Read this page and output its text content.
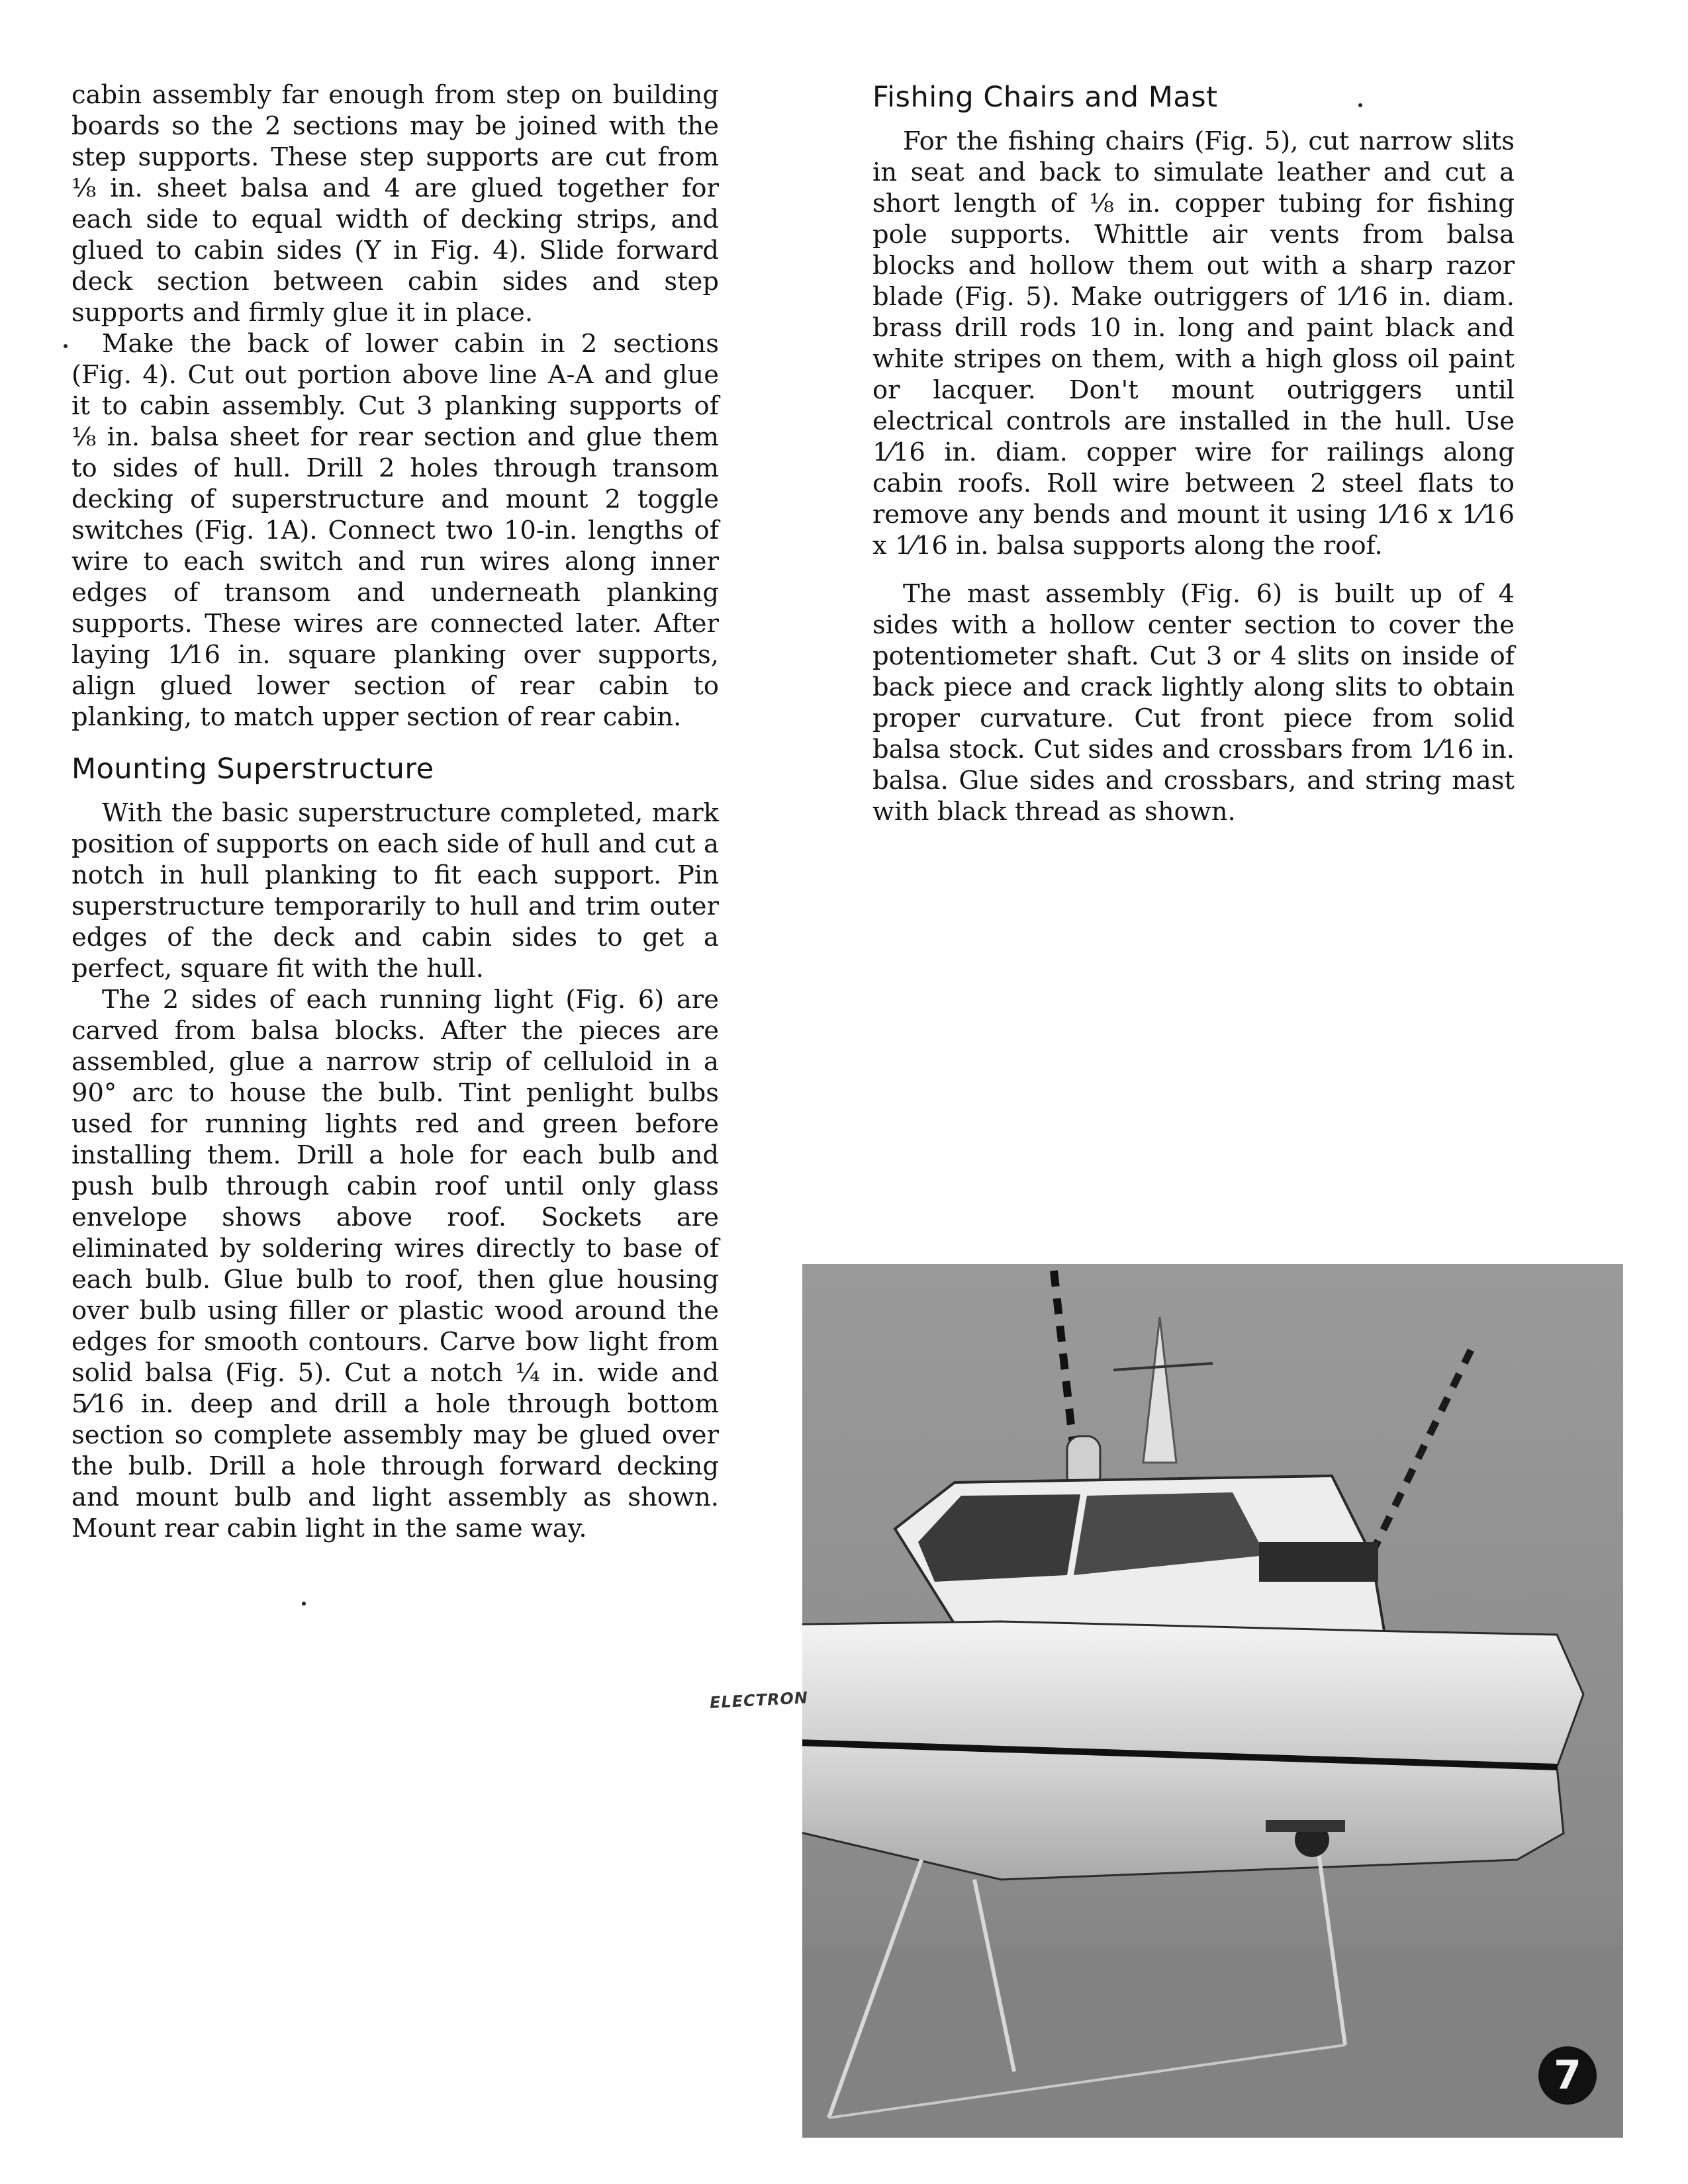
cabin assembly far enough from step on building boards so the 2 sections may be joined with the step supports. These step supports are cut from ⅛ in. sheet balsa and 4 are glued together for each side to equal width of decking strips, and glued to cabin sides (Y in Fig. 4). Slide forward deck section between cabin sides and step supports and firmly glue it in place.

Make the back of lower cabin in 2 sections (Fig. 4). Cut out portion above line A-A and glue it to cabin assembly. Cut 3 planking supports of ⅛ in. balsa sheet for rear section and glue them to sides of hull. Drill 2 holes through transom decking of superstructure and mount 2 toggle switches (Fig. 1A). Connect two 10-in. lengths of wire to each switch and run wires along inner edges of transom and underneath planking supports. These wires are connected later. After laying 1⁄16 in. square planking over supports, align glued lower section of rear cabin to planking, to match upper section of rear cabin.

Mounting Superstructure

With the basic superstructure completed, mark position of supports on each side of hull and cut a notch in hull planking to fit each support. Pin superstructure temporarily to hull and trim outer edges of the deck and cabin sides to get a perfect, square fit with the hull.

The 2 sides of each running light (Fig. 6) are carved from balsa blocks. After the pieces are assembled, glue a narrow strip of celluloid in a 90° arc to house the bulb. Tint penlight bulbs used for running lights red and green before installing them. Drill a hole for each bulb and push bulb through cabin roof until only glass envelope shows above roof. Sockets are eliminated by soldering wires directly to base of each bulb. Glue bulb to roof, then glue housing over bulb using filler or plastic wood around the edges for smooth contours. Carve bow light from solid balsa (Fig. 5). Cut a notch ¼ in. wide and 5⁄16 in. deep and drill a hole through bottom section so complete assembly may be glued over the bulb. Drill a hole through forward decking and mount bulb and light assembly as shown. Mount rear cabin light in the same way.

Fishing Chairs and Mast

For the fishing chairs (Fig. 5), cut narrow slits in seat and back to simulate leather and cut a short length of ⅛ in. copper tubing for fishing pole supports. Whittle air vents from balsa blocks and hollow them out with a sharp razor blade (Fig. 5). Make outriggers of 1⁄16 in. diam. brass drill rods 10 in. long and paint black and white stripes on them, with a high gloss oil paint or lacquer. Don't mount outriggers until electrical controls are installed in the hull. Use 1⁄16 in. diam. copper wire for railings along cabin roofs. Roll wire between 2 steel flats to remove any bends and mount it using 1⁄16 x 1⁄16 x 1⁄16 in. balsa supports along the roof.

The mast assembly (Fig. 6) is built up of 4 sides with a hollow center section to cover the potentiometer shaft. Cut 3 or 4 slits on inside of back piece and crack lightly along slits to obtain proper curvature. Cut front piece from solid balsa stock. Cut sides and crossbars from 1⁄16 in. balsa. Glue sides and crossbars, and string mast with black thread as shown.

7
ELECTRON
